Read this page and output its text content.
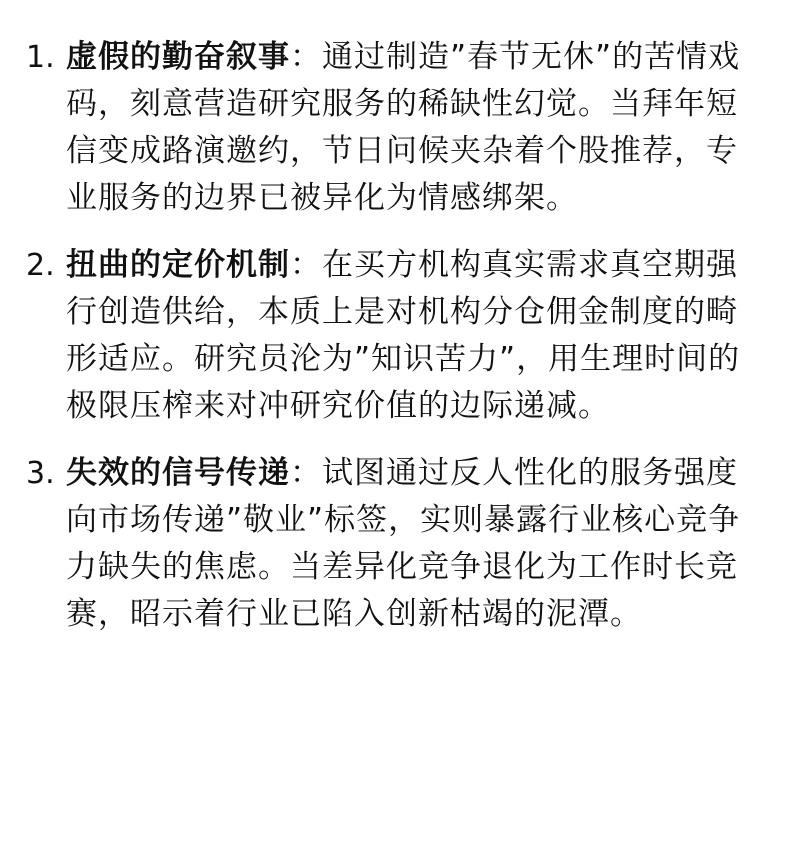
1. 虚假的勤奋叙事：通过制造”春节无休”的苦情戏码，刻意营造研究服务的稀缺性幻觉。当拜年短信变成路演邀约，节日问候夹杂着个股推荐，专业服务的边界已被异化为情感绑架。
2. 扭曲的定价机制：在买方机构真实需求真空期强行创造供给，本质上是对机构分仓佣金制度的畸形适应。研究员沦为”知识苦力”，用生理时间的极限压榨来对冲研究价值的边际递减。
3. 失效的信号传递：试图通过反人性化的服务强度向市场传递”敬业”标签，实则暴露行业核心竞争力缺失的焦虑。当差异化竞争退化为工作时长竞赛，昭示着行业已陷入创新枯竭的泥潭。
